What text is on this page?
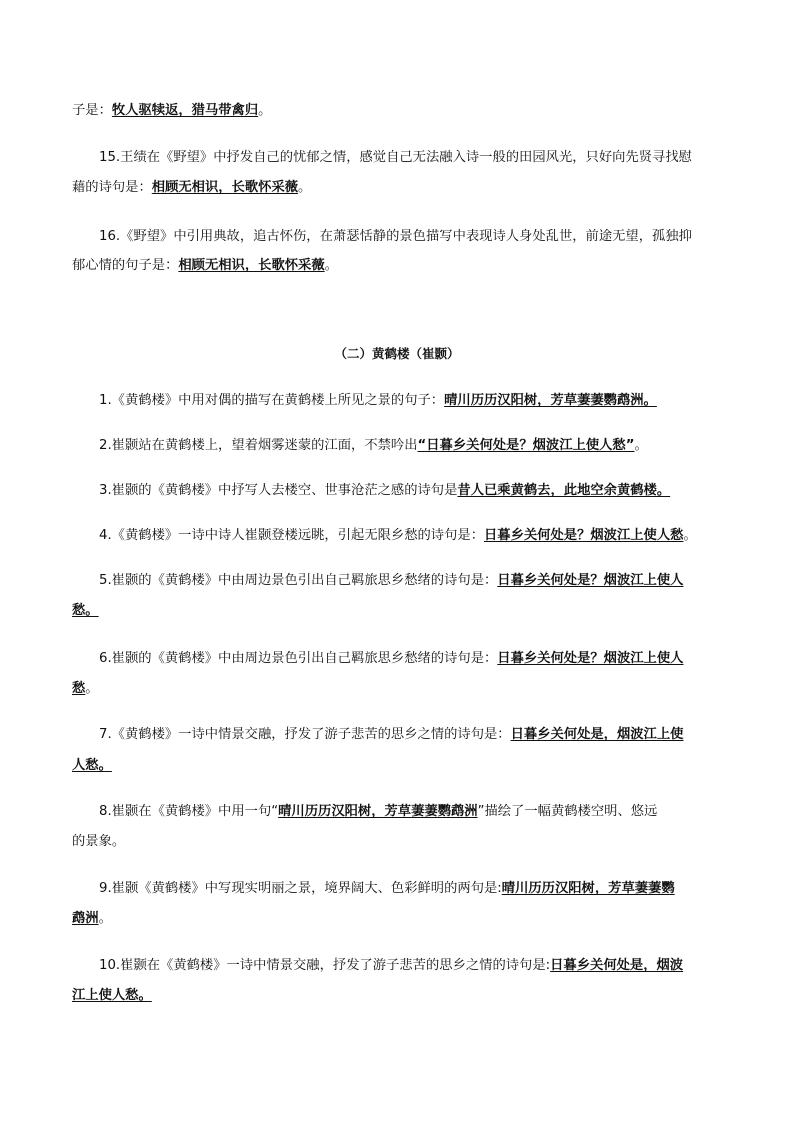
子是：牧人驱犊返，猎马带禽归。
15.王绩在《野望》中抒发自己的忧郁之情，感觉自己无法融入诗一般的田园风光，只好向先贤寻找慰
藉的诗句是：相顾无相识，长歌怀采薇。
16.《野望》中引用典故，追古怀伤，在萧瑟恬静的景色描写中表现诗人身处乱世，前途无望，孤独抑
郁心情的句子是：相顾无相识，长歌怀采薇。
（二）黄鹤楼（崔颢）
1.《黄鹤楼》中用对偶的描写在黄鹤楼上所见之景的句子：晴川历历汉阳树，芳草萋萋鹦鹉洲。
2.崔颢站在黄鹤楼上，望着烟雾迷蒙的江面，不禁吟出“日暮乡关何处是？烟波江上使人愁”。
3.崔颢的《黄鹤楼》中抒写人去楼空、世事沧茫之感的诗句是昔人已乘黄鹤去，此地空余黄鹤楼。
4.《黄鹤楼》一诗中诗人崔颢登楼远眺，引起无限乡愁的诗句是：日暮乡关何处是？烟波江上使人愁。
5.崔颢的《黄鹤楼》中由周边景色引出自己羁旅思乡愁绪的诗句是：日暮乡关何处是？烟波江上使人
愁。
6.崔颢的《黄鹤楼》中由周边景色引出自己羁旅思乡愁绪的诗句是：日暮乡关何处是？烟波江上使人
愁。
7.《黄鹤楼》一诗中情景交融，抒发了游子悲苦的思乡之情的诗句是：日暮乡关何处是，烟波江上使
人愁。
8.崔颢在《黄鹤楼》中用一句“晴川历历汉阳树，芳草萋萋鹦鹉洲”描绘了一幅黄鹤楼空明、悠远
的景象。
9.崔颢《黄鹤楼》中写现实明丽之景，境界阔大、色彩鲜明的两句是:晴川历历汉阳树，芳草萋萋鹦
鹉洲。
10.崔颢在《黄鹤楼》一诗中情景交融，抒发了游子悲苦的思乡之情的诗句是:日暮乡关何处是，烟波
江上使人愁。
